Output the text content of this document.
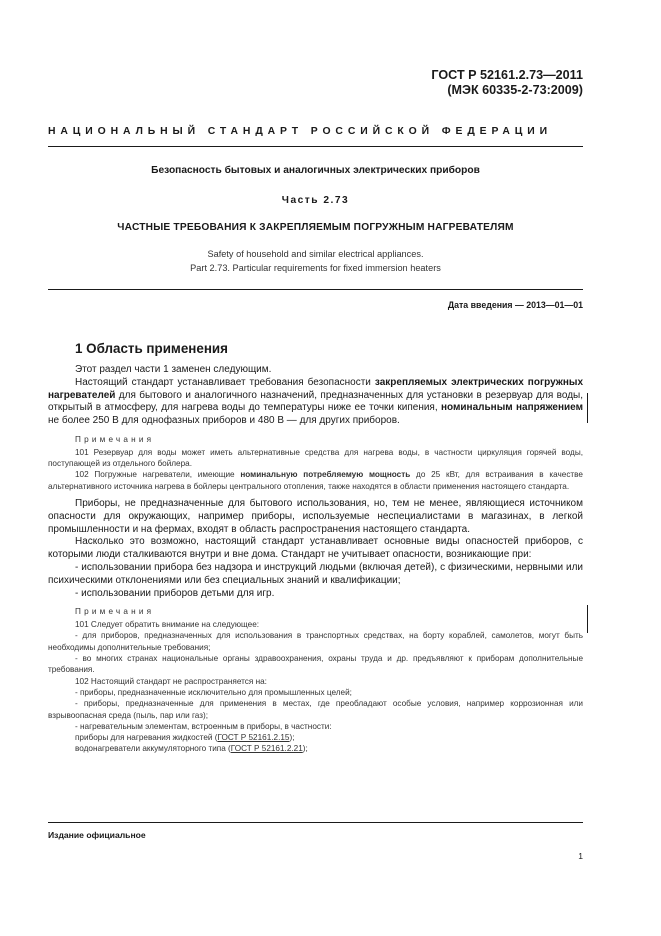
ГОСТ Р 52161.2.73—2011
(МЭК 60335-2-73:2009)
НАЦИОНАЛЬНЫЙ СТАНДАРТ РОССИЙСКОЙ ФЕДЕРАЦИИ
Безопасность бытовых и аналогичных электрических приборов
Часть 2.73
ЧАСТНЫЕ ТРЕБОВАНИЯ К ЗАКРЕПЛЯЕМЫМ ПОГРУЖНЫМ НАГРЕВАТЕЛЯМ
Safety of household and similar electrical appliances.
Part 2.73. Particular requirements for fixed immersion heaters
Дата введения — 2013—01—01
1 Область применения

Этот раздел части 1 заменен следующим.

Настоящий стандарт устанавливает требования безопасности закрепляемых электрических погружных нагревателей для бытового и аналогичного назначений, предназначенных для установки в резервуар для воды, открытый в атмосферу, для нагрева воды до температуры ниже ее точки кипения, номинальным напряжением не более 250 В для однофазных приборов и 480 В — для других приборов.

Примечания

101 Резервуар для воды может иметь альтернативные средства для нагрева воды, в частности циркуляция горячей воды, поступающей из отдельного бойлера.

102 Погружные нагреватели, имеющие номинальную потребляемую мощность до 25 кВт, для встраивания в качестве альтернативного источника нагрева в бойлеры центрального отопления, также находятся в области применения настоящего стандарта.

Приборы, не предназначенные для бытового использования, но, тем не менее, являющиеся источником опасности для окружающих, например приборы, используемые неспециалистами в магазинах, в легкой промышленности и на фермах, входят в область распространения настоящего стандарта.

Насколько это возможно, настоящий стандарт устанавливает основные виды опасностей приборов, с которыми люди сталкиваются внутри и вне дома. Стандарт не учитывает опасности, возникающие при:

- использовании прибора без надзора и инструкций людьми (включая детей), с физическими, нервными или психическими отклонениями или без специальных знаний и квалификации;

- использовании приборов детьми для игр.

Примечания

101 Следует обратить внимание на следующее:

- для приборов, предназначенных для использования в транспортных средствах, на борту кораблей, самолетов, могут быть необходимы дополнительные требования;

- во многих странах национальные органы здравоохранения, охраны труда и др. предъявляют к приборам дополнительные требования.

102 Настоящий стандарт не распространяется на:

- приборы, предназначенные исключительно для промышленных целей;

- приборы, предназначенные для применения в местах, где преобладают особые условия, например коррозионная или взрывоопасная среда (пыль, пар или газ);

- нагревательным элементам, встроенным в приборы, в частности:

приборы для нагревания жидкостей (ГОСТ Р 52161.2.15);

водонагреватели аккумуляторного типа (ГОСТ Р 52161.2.21);

Издание официальное
1
